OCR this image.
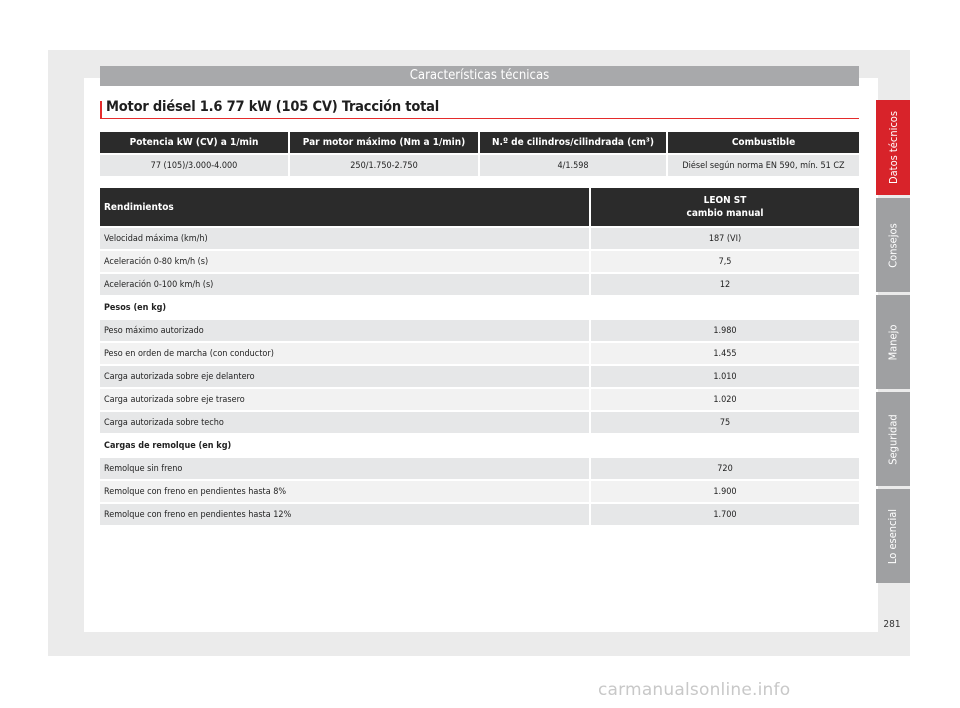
Características técnicas
Motor diésel 1.6 77 kW (105 CV) Tracción total
Potencia kW (CV) a 1/min	Par motor máximo (Nm a 1/min)	N.º de cilindros/cilindrada (cm³)	Combustible
77 (105)/3.000-4.000	250/1.750-2.750	4/1.598	Diésel según norma EN 590, mín. 51 CZ
Rendimientos	LEON ST
cambio manual
Velocidad máxima (km/h)	187 (VI)
Aceleración 0-80 km/h (s)	7,5
Aceleración 0-100 km/h (s)	12
Pesos (en kg)	
Peso máximo autorizado	1.980
Peso en orden de marcha (con conductor)	1.455
Carga autorizada sobre eje delantero	1.010
Carga autorizada sobre eje trasero	1.020
Carga autorizada sobre techo	75
Cargas de remolque (en kg)	
Remolque sin freno	720
Remolque con freno en pendientes hasta 8%	1.900
Remolque con freno en pendientes hasta 12%	1.700
Datos técnicos
Consejos
Manejo
Seguridad
Lo esencial
281
carmanualsonline.info
